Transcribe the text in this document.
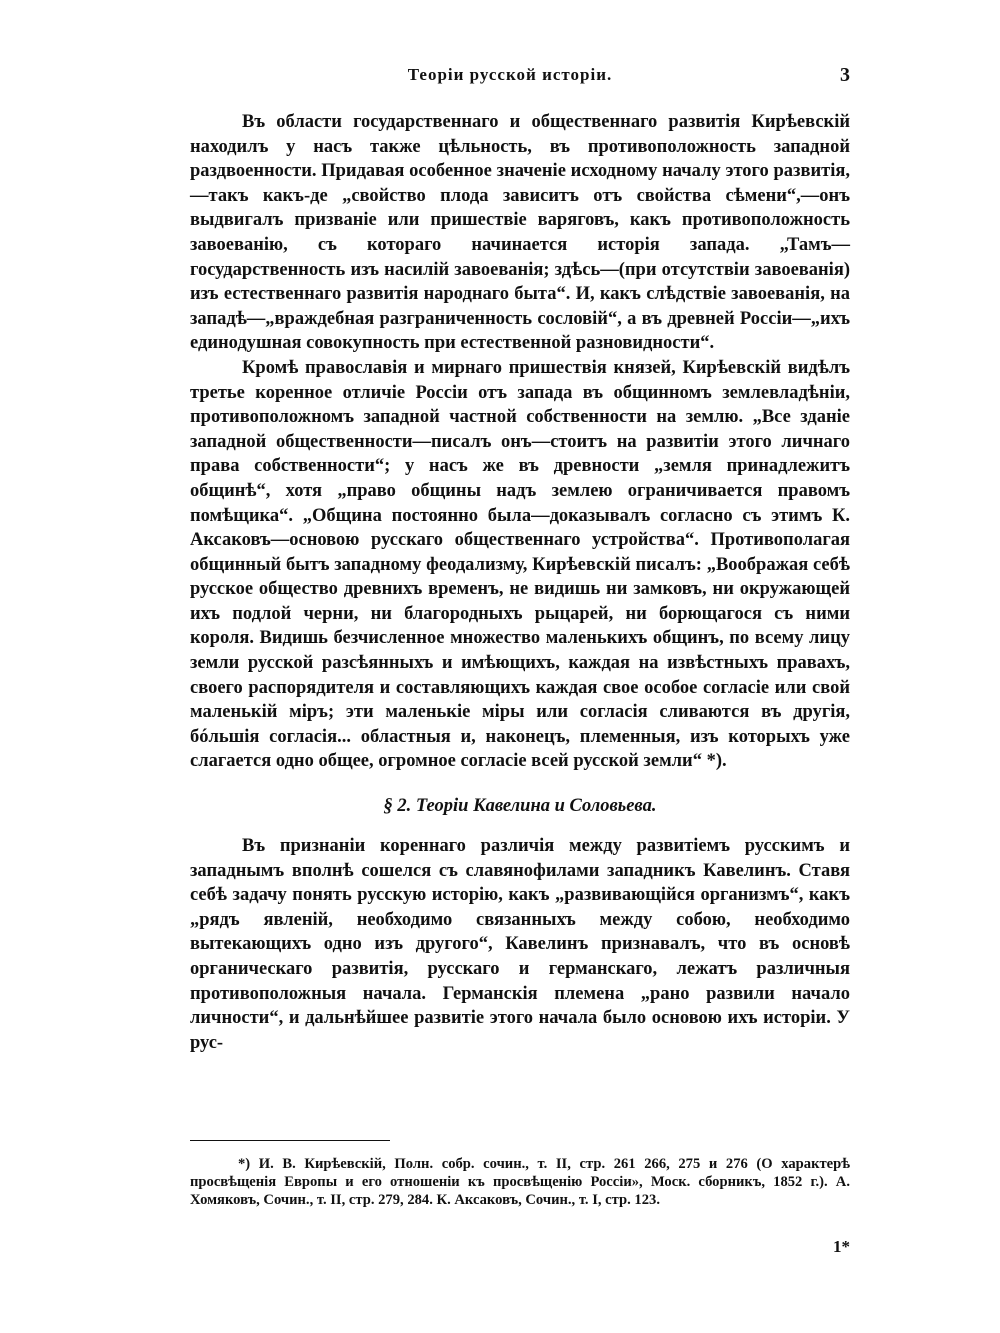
Теоріи русской исторіи.	3

Въ области государственнаго и общественнаго развитія Кирѣевскій находилъ у насъ также цѣльность, въ противоположность западной раздвоенности. Придавая особенное значеніе исходному началу этого развитія,—такъ какъ-де „свойство плода зависитъ отъ свойства сѣмени“,—онъ выдвигалъ призваніе или пришествіе варяговъ, какъ противоположность завоеванію, съ котораго начинается исторія запада. „Тамъ—государственность изъ насилій завоеванія; здѣсь—(при отсутствіи завоеванія) изъ естественнаго развитія народнаго быта“. И, какъ слѣдствіе завоеванія, на западѣ—„враждебная разграниченность сословій“, а въ древней Россіи—„ихъ единодушная совокупность при естественной разновидности“.

Кромѣ православія и мирнаго пришествія князей, Кирѣевскій видѣлъ третье коренное отличіе Россіи отъ запада въ общинномъ землевладѣніи, противоположномъ западной частной собственности на землю. „Все зданіе западной общественности—писалъ онъ—стоитъ на развитіи этого личнаго права собственности“; у насъ же въ древности „земля принадлежитъ общинѣ“, хотя „право общины надъ землею ограничивается правомъ помѣщика“. „Община постоянно была—доказывалъ согласно съ этимъ К. Аксаковъ—основою русскаго общественнаго устройства“. Противополагая общинный бытъ западному феодализму, Кирѣевскій писалъ: „Воображая себѣ русское общество древнихъ временъ, не видишь ни замковъ, ни окружающей ихъ подлой черни, ни благородныхъ рыцарей, ни борющагося съ ними короля. Видишь безчисленное множество маленькихъ общинъ, по всему лицу земли русской разсѣянныхъ и имѣющихъ, каждая на извѣстныхъ правахъ, своего распорядителя и составляющихъ каждая свое особое согласіе или свой маленькій міръ; эти маленькіе міры или согласія сливаются въ другія, бóльшія согласія... областныя и, наконецъ, племенныя, изъ которыхъ уже слагается одно общее, огромное согласіе всей русской земли“ *).

§ 2. Теоріи Кавелина и Соловьева.

Въ признаніи кореннаго различія между развитіемъ русскимъ и западнымъ вполнѣ сошелся съ славянофилами западникъ Кавелинъ. Ставя себѣ задачу понять русскую исторію, какъ „развивающійся организмъ“, какъ „рядъ явленій, необходимо связанныхъ между собою, необходимо вытекающихъ одно изъ другого“, Кавелинъ признавалъ, что въ основѣ органическаго развитія, русскаго и германскаго, лежатъ различныя противоположныя начала. Германскія племена „рано развили начало личности“, и дальнѣйшее развитіе этого начала было основою ихъ исторіи. У рус-

*) И. В. Кирѣевскій, Полн. собр. сочин., т. II, стр. 261 266, 275 и 276 (О характерѣ просвѣщенія Европы и его отношеніи къ просвѣщенію Россіи», Моск. сборникъ, 1852 г.). А. Хомяковъ, Сочин., т. II, стр. 279, 284. К. Аксаковъ, Сочин., т. I, стр. 123.

1*
